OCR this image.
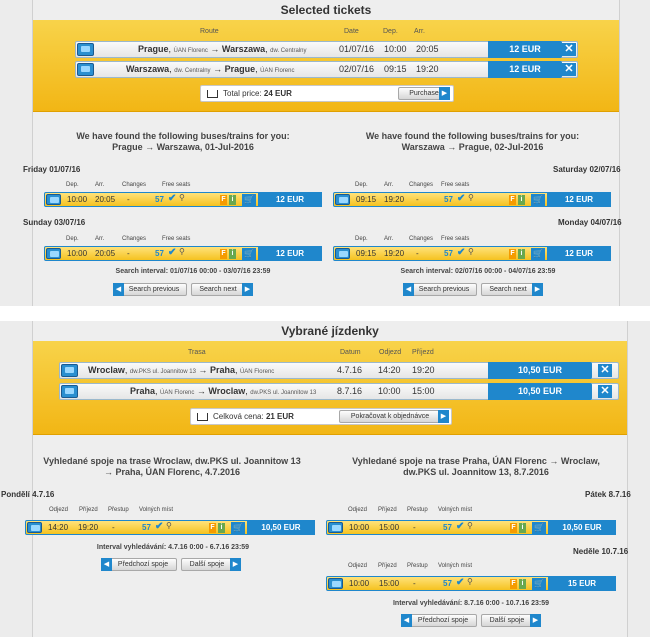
Selected tickets
Route	Date	Dep. Arr.
Prague, ÚAN Florenc → Warszawa, dw. Centralny	01/07/16 10:00 20:05	12 EUR	✕
Warszawa, dw. Centralny → Prague, ÚAN Florenc	02/07/16 09:15 19:20	12 EUR	✕
Total price: 24 EUR	Purchase ▶
We have found the following buses/trains for you: Prague → Warszawa, 01-Jul-2016
Friday 01/07/16
Dep.	Arr.	Changes	Free seats
10:00 20:05 -	57 ✔ ⚲	F i	🛒	12 EUR
Sunday 03/07/16
Dep.	Arr.	Changes	Free seats
10:00 20:05 -	57 ✔ ⚲	F i	🛒	12 EUR
Search interval: 01/07/16 00:00 - 03/07/16 23:59
◀	Search previous	Search next	▶
We have found the following buses/trains for you: Warszawa → Prague, 02-Jul-2016
Saturday 02/07/16
Dep.	Arr.	Changes Free seats
09:15 19:20 -	57 ✔ ⚲	F i	🛒	12 EUR
Monday 04/07/16
Dep.	Arr.	Changes Free seats
09:15 19:20 -	57 ✔ ⚲	F i	🛒	12 EUR
Search interval: 02/07/16 00:00 - 04/07/16 23:59
◀	Search previous	Search next	▶
Vybrané jízdenky
Trasa	Datum	Odjezd Příjezd
Wroclaw, dw.PKS ul. Joannitow 13 → Praha, ÚAN Florenc	4.7.16 14:20 19:20	10,50 EUR	✕
Praha, ÚAN Florenc → Wroclaw, dw.PKS ul. Joannitow 13 8.7.16 10:00 15:00	10,50 EUR	✕
Celková cena: 21 EUR	Pokračovat k objednávce	▶
Vyhledané spoje na trase Wroclaw, dw.PKS ul. Joannitow 13 → Praha, ÚAN Florenc, 4.7.2016
Pondělí 4.7.16
Odjezd Příjezd Přestup Volných míst
14:20 19:20 -	57 ✔ ⚲	F i	🛒	10,50 EUR
Interval vyhledávání: 4.7.16 0:00 - 6.7.16 23:59
◀	Předchozí spoje	Další spoje	▶
Vyhledané spoje na trase Praha, ÚAN Florenc → Wroclaw, dw.PKS ul. Joannitow 13, 8.7.2016
Pátek 8.7.16
Odjezd Příjezd Přestup Volných míst
10:00 15:00 -	57 ✔ ⚲	F i	🛒	10,50 EUR
Neděle 10.7.16
Odjezd Příjezd Přestup Volných míst
10:00 15:00 -	57 ✔ ⚲	F i	🛒	15 EUR
Interval vyhledávání: 8.7.16 0:00 - 10.7.16 23:59
◀	Předchozí spoje	Další spoje	▶
